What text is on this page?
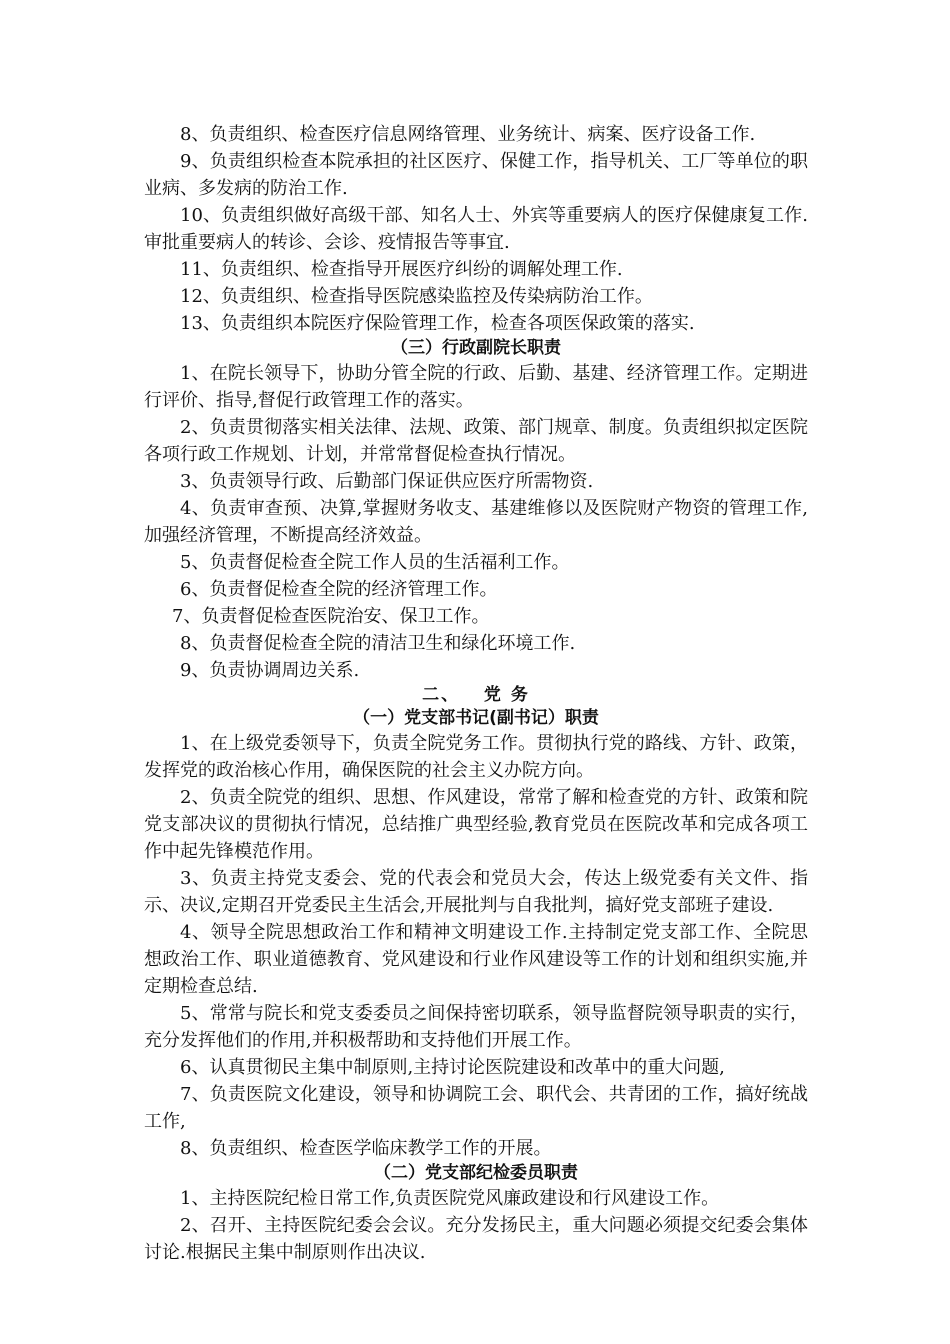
8、负责组织、检查医疗信息网络管理、业务统计、病案、医疗设备工作.

9、负责组织检查本院承担的社区医疗、保健工作，指导机关、工厂等单位的职业病、多发病的防治工作.

10、负责组织做好高级干部、知名人士、外宾等重要病人的医疗保健康复工作.审批重要病人的转诊、会诊、疫情报告等事宜.

11、负责组织、检查指导开展医疗纠纷的调解处理工作.

12、负责组织、检查指导医院感染监控及传染病防治工作。

13、负责组织本院医疗保险管理工作，检查各项医保政策的落实.

（三）行政副院长职责

1、在院长领导下，协助分管全院的行政、后勤、基建、经济管理工作。定期进行评价、指导,督促行政管理工作的落实。

2、负责贯彻落实相关法律、法规、政策、部门规章、制度。负责组织拟定医院各项行政工作规划、计划，并常常督促检查执行情况。

3、负责领导行政、后勤部门保证供应医疗所需物资.

4、负责审查预、决算,掌握财务收支、基建维修以及医院财产物资的管理工作,加强经济管理，不断提高经济效益。

5、负责督促检查全院工作人员的生活福利工作。

6、负责督促检查全院的经济管理工作。

7、负责督促检查医院治安、保卫工作。

8、负责督促检查全院的清洁卫生和绿化环境工作.

9、负责协调周边关系.

二、   党 务

（一）党支部书记(副书记）职责

1、在上级党委领导下，负责全院党务工作。贯彻执行党的路线、方针、政策，发挥党的政治核心作用，确保医院的社会主义办院方向。

2、负责全院党的组织、思想、作风建设，常常了解和检查党的方针、政策和院党支部决议的贯彻执行情况，总结推广典型经验,教育党员在医院改革和完成各项工作中起先锋模范作用。

3、负责主持党支委会、党的代表会和党员大会，传达上级党委有关文件、指示、决议,定期召开党委民主生活会,开展批判与自我批判，搞好党支部班子建设.

4、领导全院思想政治工作和精神文明建设工作.主持制定党支部工作、全院思想政治工作、职业道德教育、党风建设和行业作风建设等工作的计划和组织实施,并定期检查总结.

5、常常与院长和党支委委员之间保持密切联系，领导监督院领导职责的实行，充分发挥他们的作用,并积极帮助和支持他们开展工作。

6、认真贯彻民主集中制原则,主持讨论医院建设和改革中的重大问题,

7、负责医院文化建设，领导和协调院工会、职代会、共青团的工作，搞好统战工作,

8、负责组织、检查医学临床教学工作的开展。

（二）党支部纪检委员职责

1、主持医院纪检日常工作,负责医院党风廉政建设和行风建设工作。

2、召开、主持医院纪委会会议。充分发扬民主，重大问题必须提交纪委会集体讨论.根据民主集中制原则作出决议.
